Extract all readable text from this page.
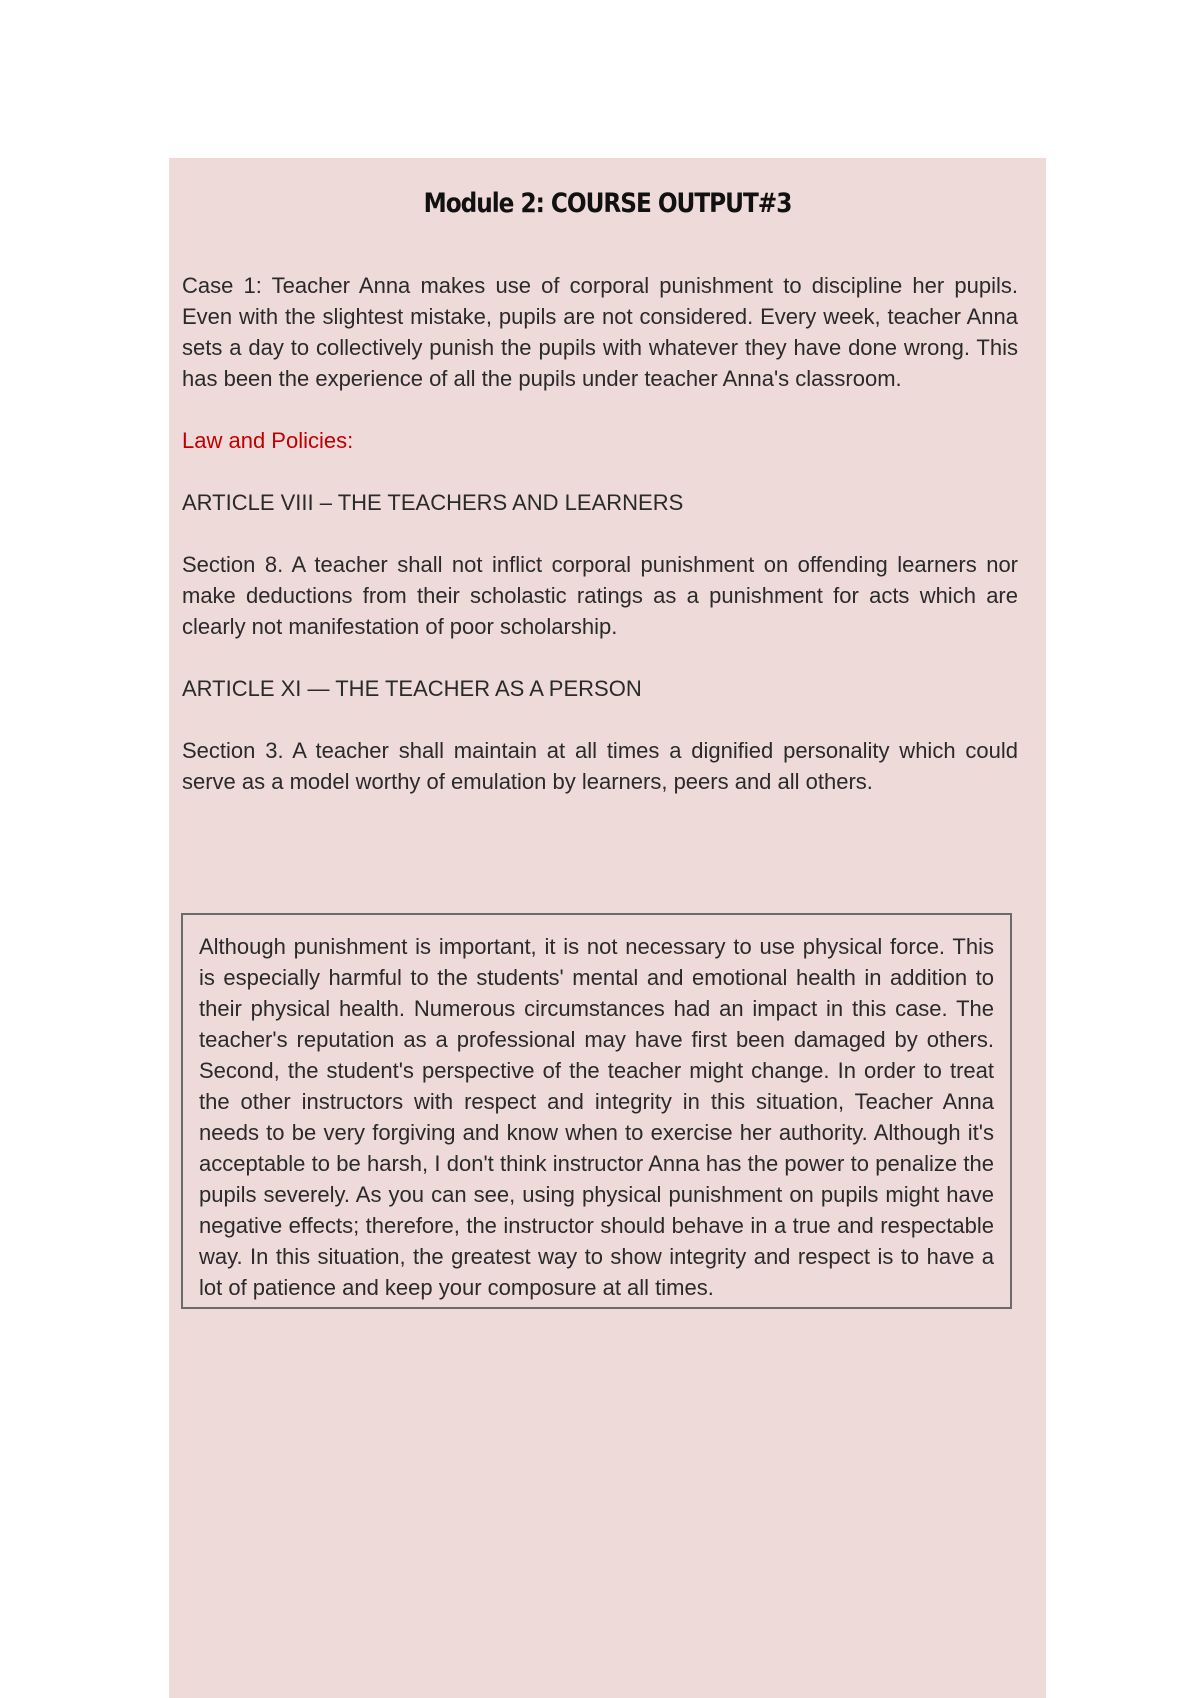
Module 2: COURSE OUTPUT#3

Case 1: Teacher Anna makes use of corporal punishment to discipline her pupils. Even with the slightest mistake, pupils are not considered. Every week, teacher Anna sets a day to collectively punish the pupils with whatever they have done wrong. This has been the experience of all the pupils under teacher Anna's classroom.

Law and Policies:

ARTICLE VIII – THE TEACHERS AND LEARNERS

Section 8. A teacher shall not inflict corporal punishment on offending learners nor make deductions from their scholastic ratings as a punishment for acts which are clearly not manifestation of poor scholarship.

ARTICLE XI — THE TEACHER AS A PERSON

Section 3. A teacher shall maintain at all times a dignified personality which could serve as a model worthy of emulation by learners, peers and all others.

Although punishment is important, it is not necessary to use physical force. This is especially harmful to the students' mental and emotional health in addition to their physical health. Numerous circumstances had an impact in this case. The teacher's reputation as a professional may have first been damaged by others. Second, the student's perspective of the teacher might change. In order to treat the other instructors with respect and integrity in this situation, Teacher Anna needs to be very forgiving and know when to exercise her authority. Although it's acceptable to be harsh, I don't think instructor Anna has the power to penalize the pupils severely. As you can see, using physical punishment on pupils might have negative effects; therefore, the instructor should behave in a true and respectable way. In this situation, the greatest way to show integrity and respect is to have a lot of patience and keep your composure at all times.
